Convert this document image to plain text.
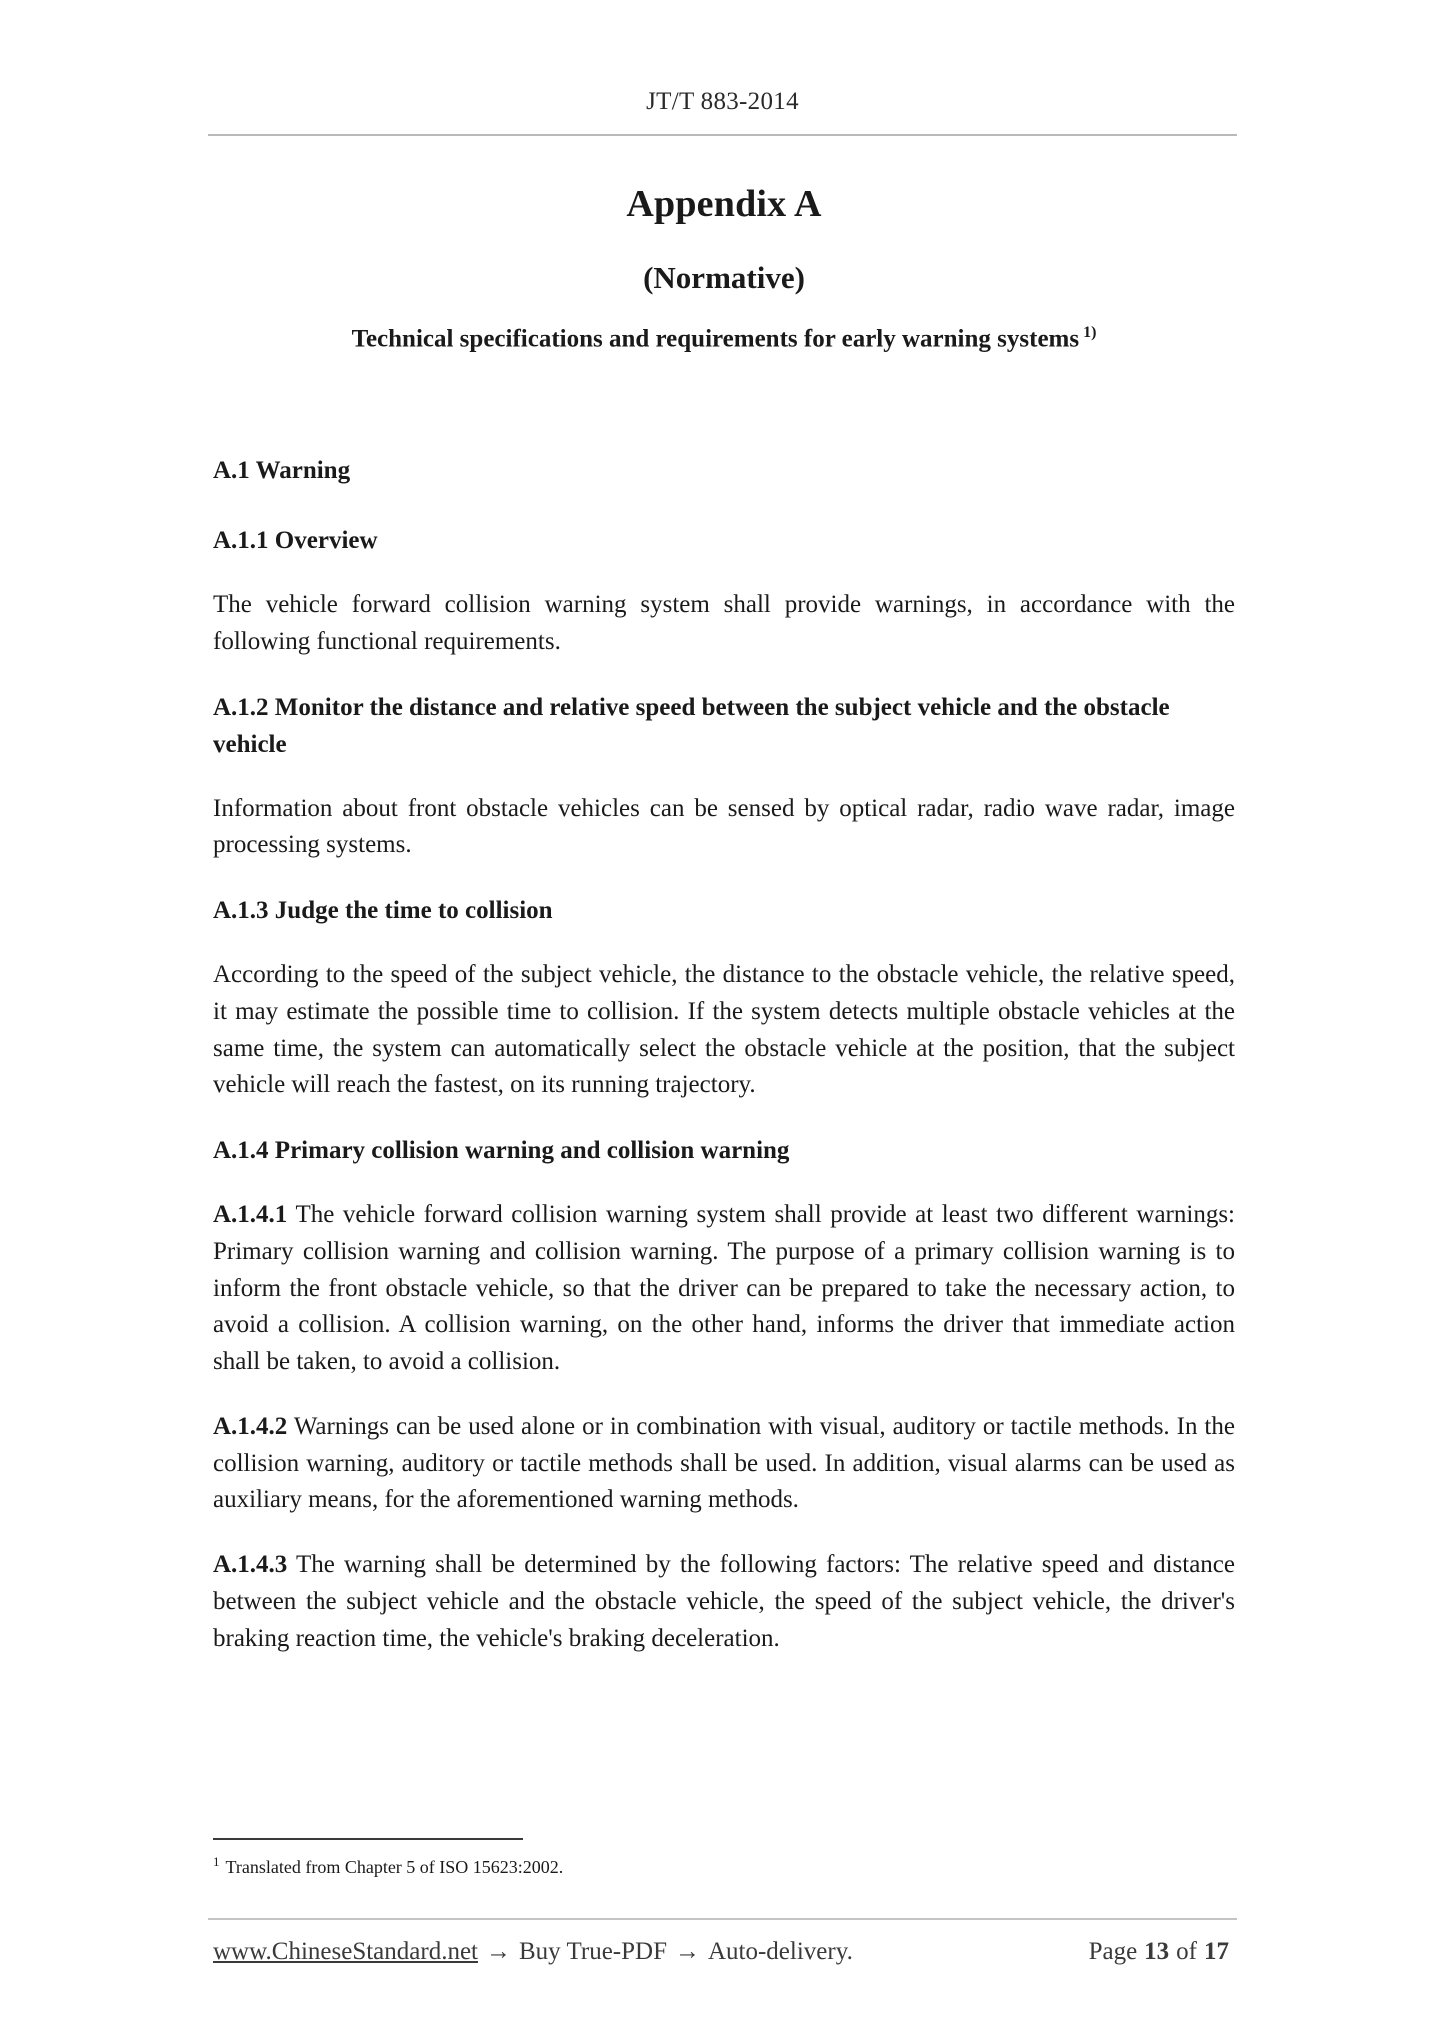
JT/T 883-2014
Appendix A
(Normative)
Technical specifications and requirements for early warning systems $^{1)}$
A.1 Warning
A.1.1 Overview

The vehicle forward collision warning system shall provide warnings, in accordance with the following functional requirements.

A.1.2 Monitor the distance and relative speed between the subject vehicle and the obstacle vehicle

Information about front obstacle vehicles can be sensed by optical radar, radio wave radar, image processing systems.

A.1.3 Judge the time to collision

According to the speed of the subject vehicle, the distance to the obstacle vehicle, the relative speed, it may estimate the possible time to collision. If the system detects multiple obstacle vehicles at the same time, the system can automatically select the obstacle vehicle at the position, that the subject vehicle will reach the fastest, on its running trajectory.

A.1.4 Primary collision warning and collision warning

A.1.4.1 The vehicle forward collision warning system shall provide at least two different warnings: Primary collision warning and collision warning. The purpose of a primary collision warning is to inform the front obstacle vehicle, so that the driver can be prepared to take the necessary action, to avoid a collision. A collision warning, on the other hand, informs the driver that immediate action shall be taken, to avoid a collision.

A.1.4.2 Warnings can be used alone or in combination with visual, auditory or tactile methods. In the collision warning, auditory or tactile methods shall be used. In addition, visual alarms can be used as auxiliary means, for the aforementioned warning methods.

A.1.4.3 The warning shall be determined by the following factors: The relative speed and distance between the subject vehicle and the obstacle vehicle, the speed of the subject vehicle, the driver's braking reaction time, the vehicle's braking deceleration.

$^1$ Translated from Chapter 5 of ISO 15623:2002.

www.ChineseStandard.net → Buy True-PDF → Auto-delivery.	Page 13 of 17
